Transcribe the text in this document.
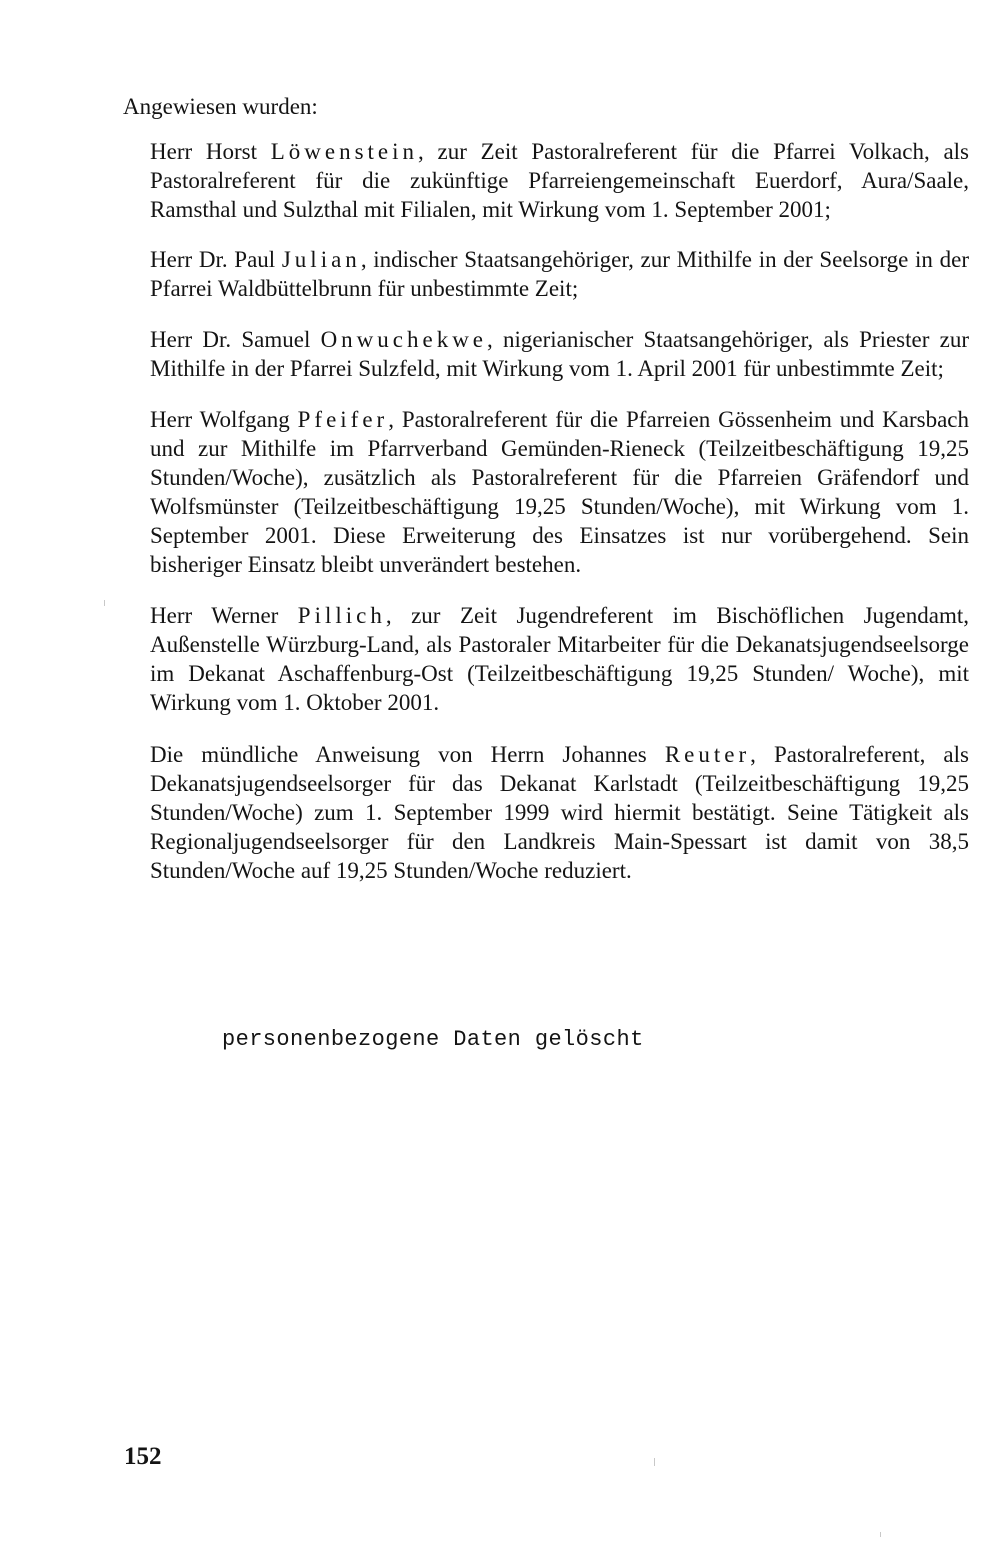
Angewiesen wurden:

Herr Horst Löwenstein, zur Zeit Pastoralreferent für die Pfarrei Volkach, als Pastoralreferent für die zukünftige Pfarreiengemeinschaft Euerdorf, Aura/Saale, Ramsthal und Sulzthal mit Filialen, mit Wirkung vom 1. September 2001;

Herr Dr. Paul Julian, indischer Staatsangehöriger, zur Mithilfe in der Seelsorge in der Pfarrei Waldbüttelbrunn für unbestimmte Zeit;

Herr Dr. Samuel Onwuchekwe, nigerianischer Staatsangehöriger, als Priester zur Mithilfe in der Pfarrei Sulzfeld, mit Wirkung vom 1. April 2001 für unbestimmte Zeit;

Herr Wolfgang Pfeifer, Pastoralreferent für die Pfarreien Gössenheim und Karsbach und zur Mithilfe im Pfarrverband Gemünden-Rieneck (Teilzeitbeschäftigung 19,25 Stunden/Woche), zusätzlich als Pastoralreferent für die Pfarreien Gräfendorf und Wolfsmünster (Teilzeitbeschäftigung 19,25 Stunden/Woche), mit Wirkung vom 1. September 2001. Diese Erweiterung des Einsatzes ist nur vorübergehend. Sein bisheriger Einsatz bleibt unverändert bestehen.

Herr Werner Pillich, zur Zeit Jugendreferent im Bischöflichen Jugendamt, Außenstelle Würzburg-Land, als Pastoraler Mitarbeiter für die Dekanatsjugendseelsorge im Dekanat Aschaffenburg-Ost (Teilzeitbeschäftigung 19,25 Stunden/ Woche), mit Wirkung vom 1. Oktober 2001.

Die mündliche Anweisung von Herrn Johannes Reuter, Pastoralreferent, als Dekanatsjugendseelsorger für das Dekanat Karlstadt (Teilzeitbeschäftigung 19,25 Stunden/Woche) zum 1. September 1999 wird hiermit bestätigt. Seine Tätigkeit als Regionaljugendseelsorger für den Landkreis Main-Spessart ist damit von 38,5 Stunden/Woche auf 19,25 Stunden/Woche reduziert.

personenbezogene Daten gelöscht

152
